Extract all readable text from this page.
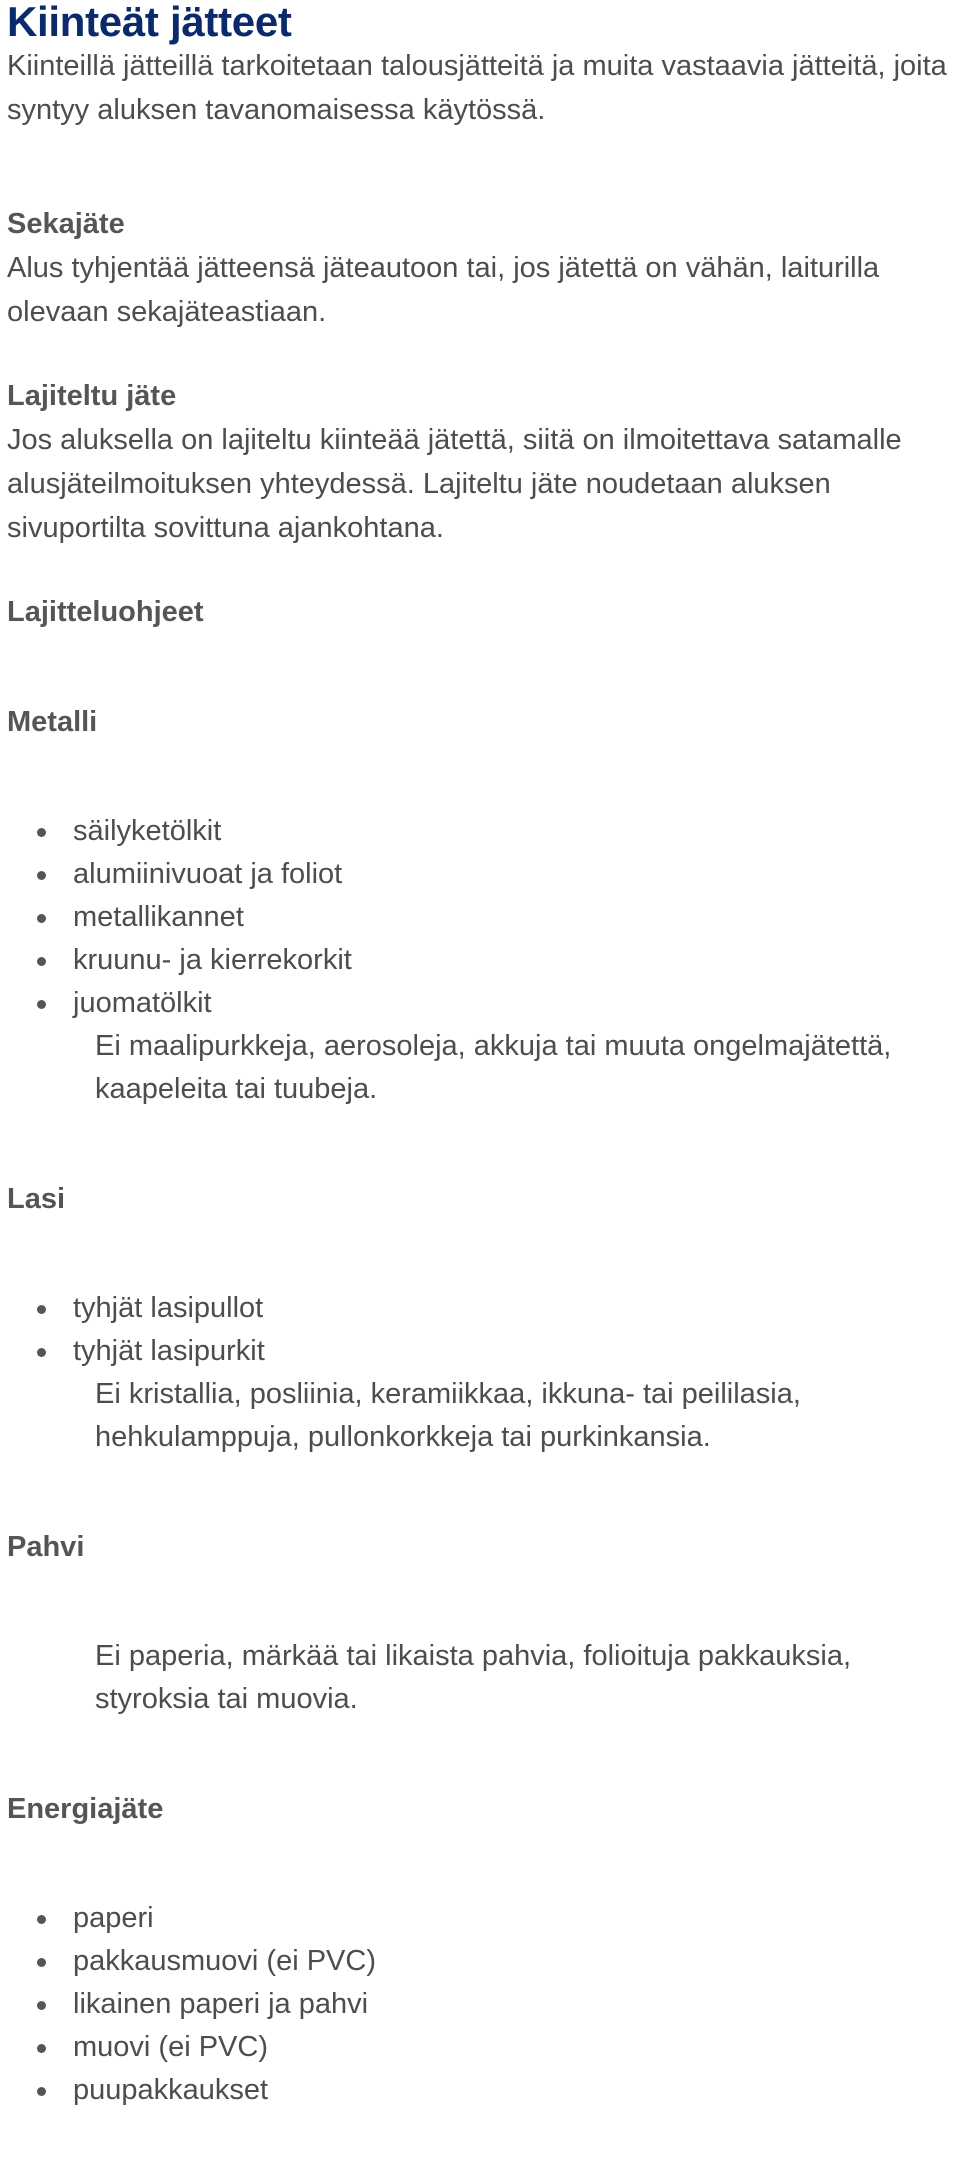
Kiinteät jätteet

Kiinteillä jätteillä tarkoitetaan talousjätteitä ja muita vastaavia jätteitä, joita syntyy aluksen tavanomaisessa käytössä.

Sekajäte

Alus tyhjentää jätteensä jäteautoon tai, jos jätettä on vähän, laiturilla olevaan sekajäteastiaan.

Lajiteltu jäte

Jos aluksella on lajiteltu kiinteää jätettä, siitä on ilmoitettava satamalle alusjäteilmoituksen yhteydessä. Lajiteltu jäte noudetaan aluksen sivuportilta sovittuna ajankohtana.

Lajitteluohjeet
Metalli
säilyketölkit
alumiinivuoat ja foliot
metallikannet
kruunu- ja kierrekorkit
juomatölkit

Ei maalipurkkeja, aerosoleja, akkuja tai muuta ongelmajätettä, kaapeleita tai tuubeja.

Lasi
tyhjät lasipullot
tyhjät lasipurkit

Ei kristallia, posliinia, keramiikkaa, ikkuna- tai peililasia, hehkulamppuja, pullonkorkkeja tai purkinkansia.

Pahvi

Ei paperia, märkää tai likaista pahvia, folioituja pakkauksia, styroksia tai muovia.

Energiajäte
paperi
pakkausmuovi (ei PVC)
likainen paperi ja pahvi
muovi (ei PVC)
puupakkaukset
